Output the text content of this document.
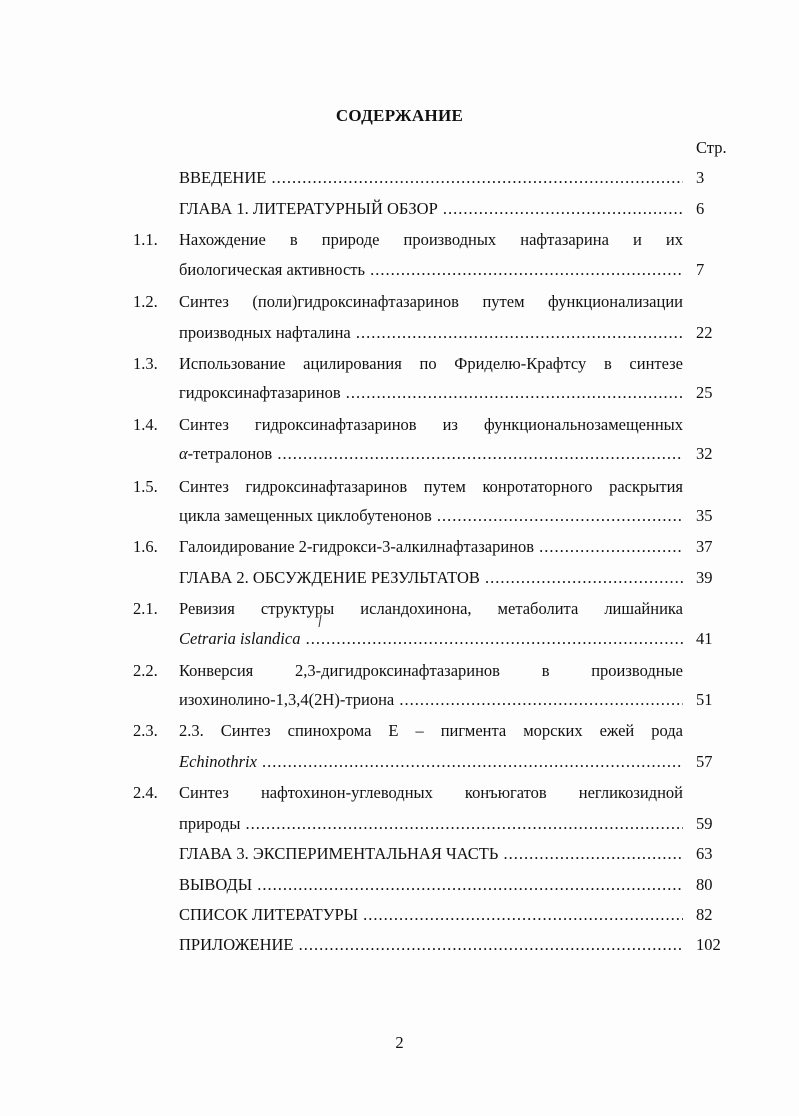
СОДЕРЖАНИЕ
Стр.
ВВЕДЕНИЕ .....	3
ГЛАВА 1. ЛИТЕРАТУРНЫЙ ОБЗОР .....	6
1.1. Нахождение в природе производных нафтазарина и их
биологическая активность .....	7
1.2. Синтез (поли)гидроксинафтазаринов путем функционализации
производных нафталина .....	22
1.3. Использование ацилирования по Фриделю-Крафтсу в синтезе
гидроксинафтазаринов .....	25
1.4. Синтез гидроксинафтазаринов из функциональнозамещенных
α-тетралонов .....	32
1.5. Синтез гидроксинафтазаринов путем конротаторного раскрытия
цикла замещенных циклобутенонов .....	35
1.6. Галоидирование 2-гидрокси-3-алкилнафтазаринов .....	37
ГЛАВА 2. ОБСУЖДЕНИЕ РЕЗУЛЬТАТОВ .....	39
2.1. Ревизия структуры исландохинона, метаболита лишайника
Cetraria islandica .....	41
2.2. Конверсия 2,3-дигидроксинафтазаринов в производные
изохинолино-1,3,4(2H)-триона .....	51
2.3. 2.3. Синтез спинохрома Е – пигмента морских ежей рода
Echinothrix .....	57
2.4. Синтез нафтохинон-углеводных конъюгатов негликозидной
природы .....	59
ГЛАВА 3. ЭКСПЕРИМЕНТАЛЬНАЯ ЧАСТЬ .....	63
ВЫВОДЫ .....	80
СПИСОК ЛИТЕРАТУРЫ .....	82
ПРИЛОЖЕНИЕ .....	102
2
